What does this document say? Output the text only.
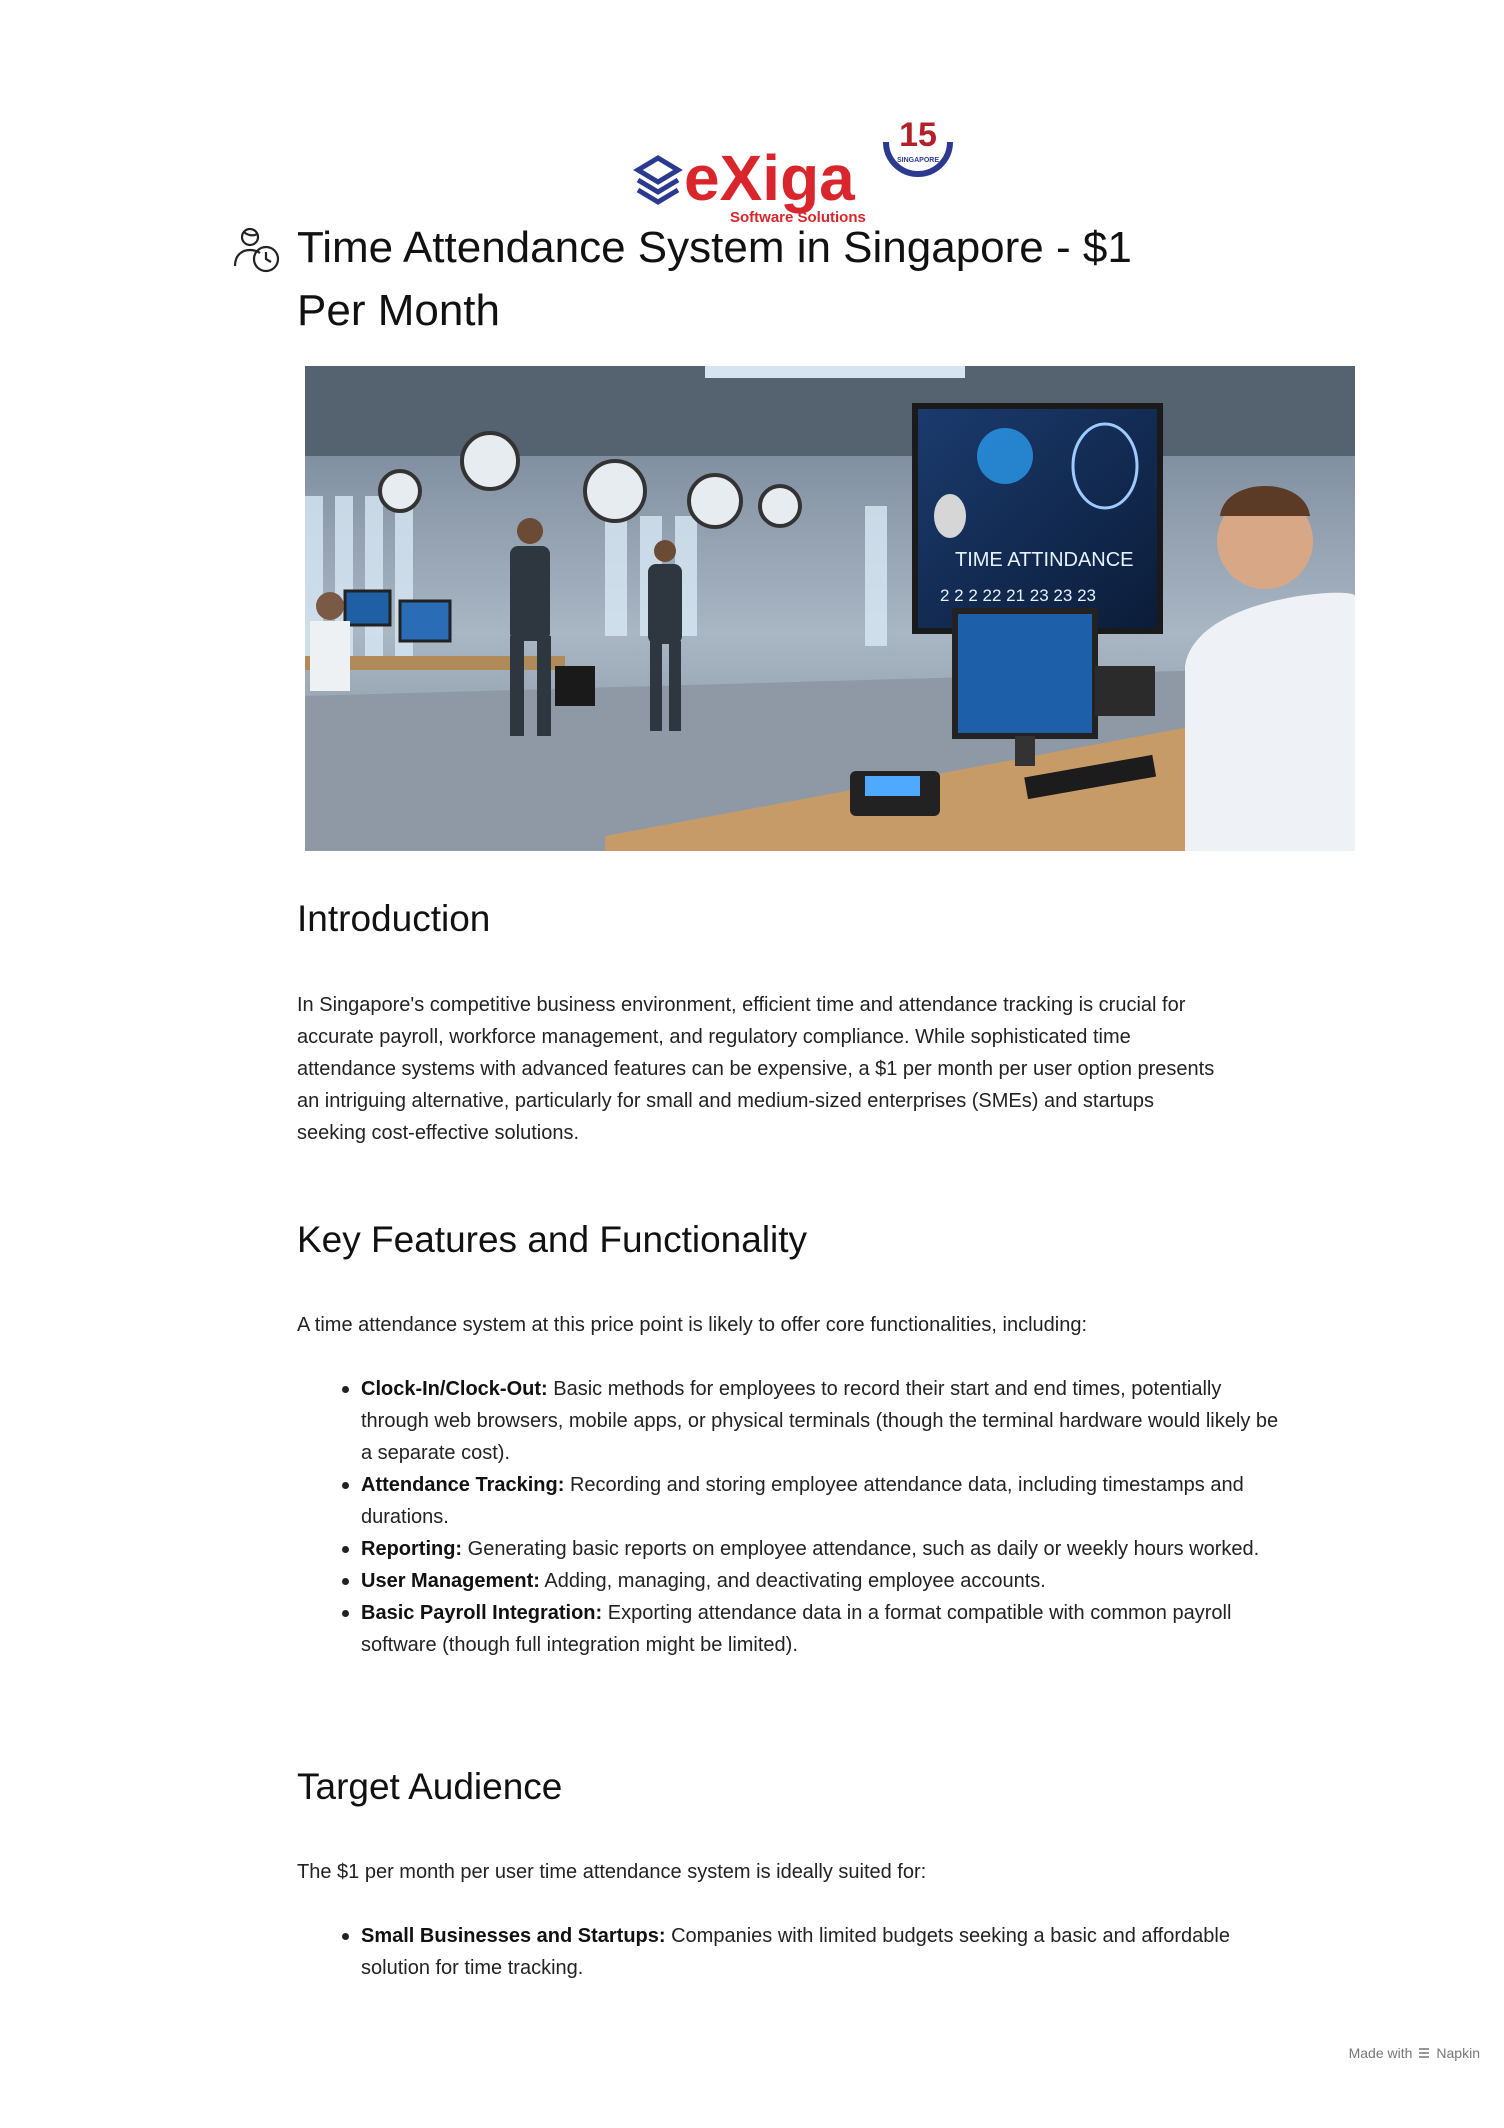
eXiga
Software Solutions
15
SINGAPORE
Time Attendance System in Singapore - $1 Per Month
TIME ATTINDANCE
2 2 2 22 21 23 23 23
Introduction

In Singapore's competitive business environment, efficient time and attendance tracking is crucial for accurate payroll, workforce management, and regulatory compliance. While sophisticated time attendance systems with advanced features can be expensive, a $1 per month per user option presents an intriguing alternative, particularly for small and medium-sized enterprises (SMEs) and startups seeking cost-effective solutions.

Key Features and Functionality

A time attendance system at this price point is likely to offer core functionalities, including:

Clock-In/Clock-Out: Basic methods for employees to record their start and end times, potentially through web browsers, mobile apps, or physical terminals (though the terminal hardware would likely be a separate cost).
Attendance Tracking: Recording and storing employee attendance data, including timestamps and durations.
Reporting: Generating basic reports on employee attendance, such as daily or weekly hours worked.
User Management: Adding, managing, and deactivating employee accounts.
Basic Payroll Integration: Exporting attendance data in a format compatible with common payroll software (though full integration might be limited).
Target Audience

The $1 per month per user time attendance system is ideally suited for:

Small Businesses and Startups: Companies with limited budgets seeking a basic and affordable solution for time tracking.
Made with Napkin
